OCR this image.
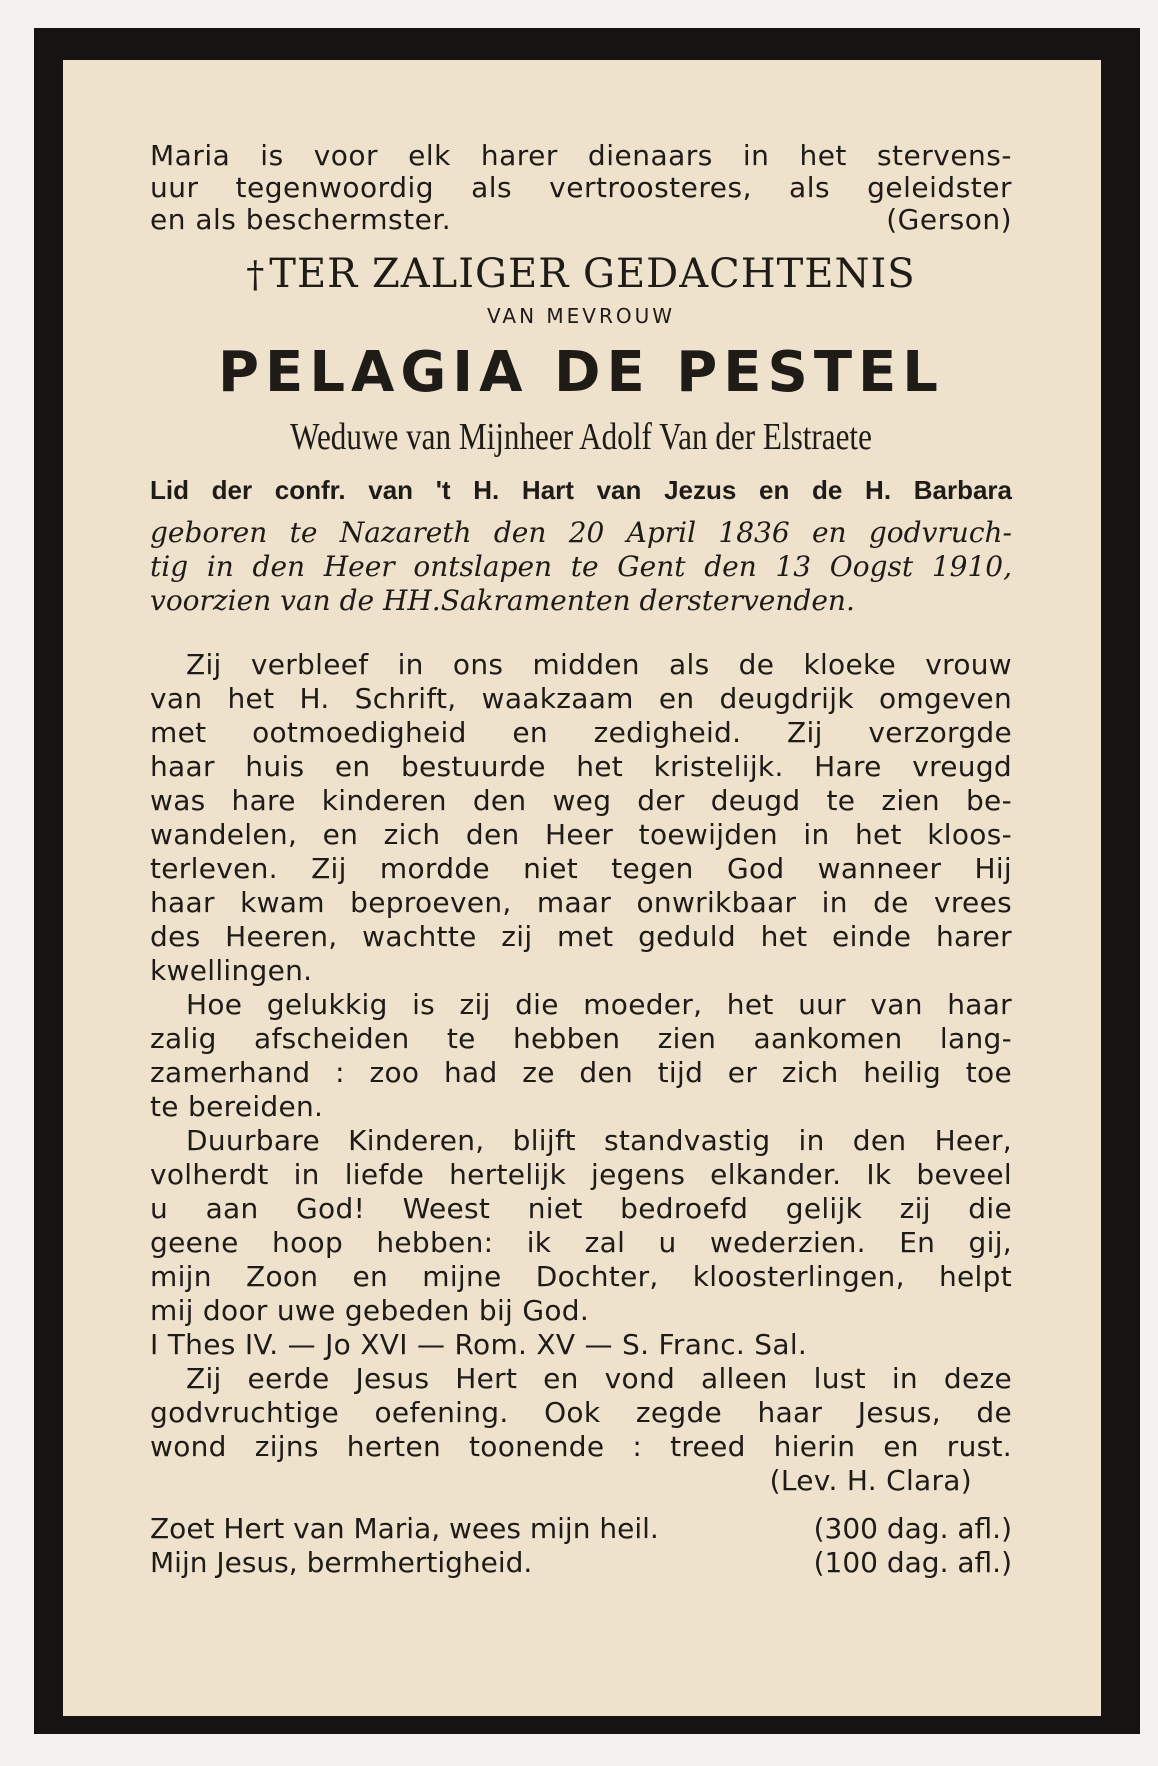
Maria is voor elk harer dienaars in het stervens-
uur tegenwoordig als vertroosteres, als geleidster
en als beschermster.	(Gerson)
† TER ZALIGER GEDACHTENIS
VAN MEVROUW
PELAGIA DE PESTEL
Weduwe van Mijnheer Adolf Van der Elstraete
Lid der confr. van 't H. Hart van Jezus en de H. Barbara
geboren te Nazareth den 20 April 1836 en godvruch-
tig in den Heer ontslapen te Gent den 13 Oogst 1910,
voorzien van de HH.Sakramenten derstervenden.
Zij verbleef in ons midden als de kloeke vrouw
van het H. Schrift, waakzaam en deugdrijk omgeven
met ootmoedigheid en zedigheid. Zij verzorgde
haar huis en bestuurde het kristelijk. Hare vreugd
was hare kinderen den weg der deugd te zien be-
wandelen, en zich den Heer toewijden in het kloos-
terleven. Zij mordde niet tegen God wanneer Hij
haar kwam beproeven, maar onwrikbaar in de vrees
des Heeren, wachtte zij met geduld het einde harer
kwellingen.
Hoe gelukkig is zij die moeder, het uur van haar
zalig afscheiden te hebben zien aankomen lang-
zamerhand : zoo had ze den tijd er zich heilig toe
te bereiden.
Duurbare Kinderen, blijft standvastig in den Heer,
volherdt in liefde hertelijk jegens elkander. Ik beveel
u aan God! Weest niet bedroefd gelijk zij die
geene hoop hebben: ik zal u wederzien. En gij,
mijn Zoon en mijne Dochter, kloosterlingen, helpt
mij door uwe gebeden bij God.
I Thes IV. — Jo XVI — Rom. XV — S. Franc. Sal.
Zij eerde Jesus Hert en vond alleen lust in deze
godvruchtige oefening. Ook zegde haar Jesus, de
wond zijns herten toonende : treed hierin en rust.
(Lev. H. Clara)
Zoet Hert van Maria, wees mijn heil.	(300 dag. afl.)
Mijn Jesus, bermhertigheid.	(100 dag. afl.)
